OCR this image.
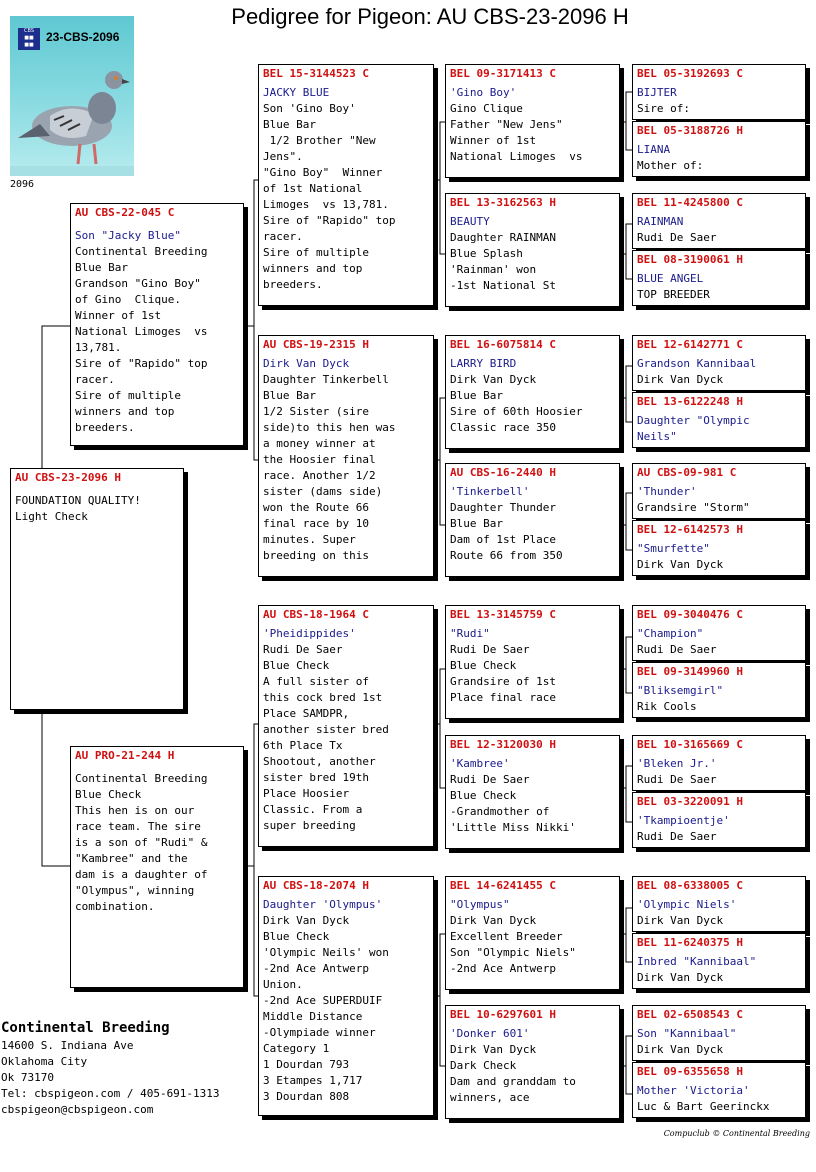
Pedigree for Pigeon: AU CBS-23-2096 H
CBS
■■
■■
23-CBS-2096
2096
AU CBS-23-2096 H
FOUNDATION QUALITY!
Light Check
AU CBS-22-045 C
Son "Jacky Blue"
Continental Breeding
Blue Bar
Grandson "Gino Boy"
of Gino  Clique.
Winner of 1st
National Limoges  vs
13,781.
Sire of "Rapido" top
racer.
Sire of multiple
winners and top
breeders.
AU PRO-21-244 H
Continental Breeding
Blue Check
This hen is on our
race team. The sire
is a son of "Rudi" &
"Kambree" and the
dam is a daughter of
"Olympus", winning
combination.
BEL 15-3144523 C
JACKY BLUE
Son 'Gino Boy'
Blue Bar
1/2 Brother "New
Jens".
"Gino Boy"  Winner
of 1st National
Limoges  vs 13,781.
Sire of "Rapido" top
racer.
Sire of multiple
winners and top
breeders.
AU CBS-19-2315 H
Dirk Van Dyck
Daughter Tinkerbell
Blue Bar
1/2 Sister (sire
side)to this hen was
a money winner at
the Hoosier final
race. Another 1/2
sister (dams side)
won the Route 66
final race by 10
minutes. Super
breeding on this
AU CBS-18-1964 C
'Pheidippides'
Rudi De Saer
Blue Check
A full sister of
this cock bred 1st
Place SAMDPR,
another sister bred
6th Place Tx
Shootout, another
sister bred 19th
Place Hoosier
Classic. From a
super breeding
AU CBS-18-2074 H
Daughter 'Olympus'
Dirk Van Dyck
Blue Check
'Olympic Neils' won
-2nd Ace Antwerp
Union.
-2nd Ace SUPERDUIF
Middle Distance
-Olympiade winner
Category 1
1 Dourdan 793
3 Etampes 1,717
3 Dourdan 808
BEL 09-3171413 C
'Gino Boy'
Gino Clique
Father "New Jens"
Winner of 1st
National Limoges  vs
BEL 13-3162563 H
BEAUTY
Daughter RAINMAN
Blue Splash
'Rainman' won
-1st National St
BEL 16-6075814 C
LARRY BIRD
Dirk Van Dyck
Blue Bar
Sire of 60th Hoosier
Classic race 350
AU CBS-16-2440 H
'Tinkerbell'
Daughter Thunder
Blue Bar
Dam of 1st Place
Route 66 from 350
BEL 13-3145759 C
"Rudi"
Rudi De Saer
Blue Check
Grandsire of 1st
Place final race
BEL 12-3120030 H
'Kambree'
Rudi De Saer
Blue Check
-Grandmother of
'Little Miss Nikki'
BEL 14-6241455 C
"Olympus"
Dirk Van Dyck
Excellent Breeder
Son "Olympic Niels"
-2nd Ace Antwerp
BEL 10-6297601 H
'Donker 601'
Dirk Van Dyck
Dark Check
Dam and granddam to
winners, ace
BEL 05-3192693 C
BIJTER
Sire of:
BEL 05-3188726 H
LIANA
Mother of:
BEL 11-4245800 C
RAINMAN
Rudi De Saer
BEL 08-3190061 H
BLUE ANGEL
TOP BREEDER
BEL 12-6142771 C
Grandson Kannibaal
Dirk Van Dyck
BEL 13-6122248 H
Daughter "Olympic
Neils"
AU CBS-09-981 C
'Thunder'
Grandsire "Storm"
BEL 12-6142573 H
"Smurfette"
Dirk Van Dyck
BEL 09-3040476 C
"Champion"
Rudi De Saer
BEL 09-3149960 H
"Bliksemgirl"
Rik Cools
BEL 10-3165669 C
'Bleken Jr.'
Rudi De Saer
BEL 03-3220091 H
'Tkampioentje'
Rudi De Saer
BEL 08-6338005 C
'Olympic Niels'
Dirk Van Dyck
BEL 11-6240375 H
Inbred "Kannibaal"
Dirk Van Dyck
BEL 02-6508543 C
Son "Kannibaal"
Dirk Van Dyck
BEL 09-6355658 H
Mother 'Victoria'
Luc & Bart Geerinckx
Continental Breeding
14600 S. Indiana Ave
Oklahoma City
Ok 73170
Tel: cbspigeon.com / 405-691-1313
cbspigeon@cbspigeon.com
Compuclub © Continental Breeding
